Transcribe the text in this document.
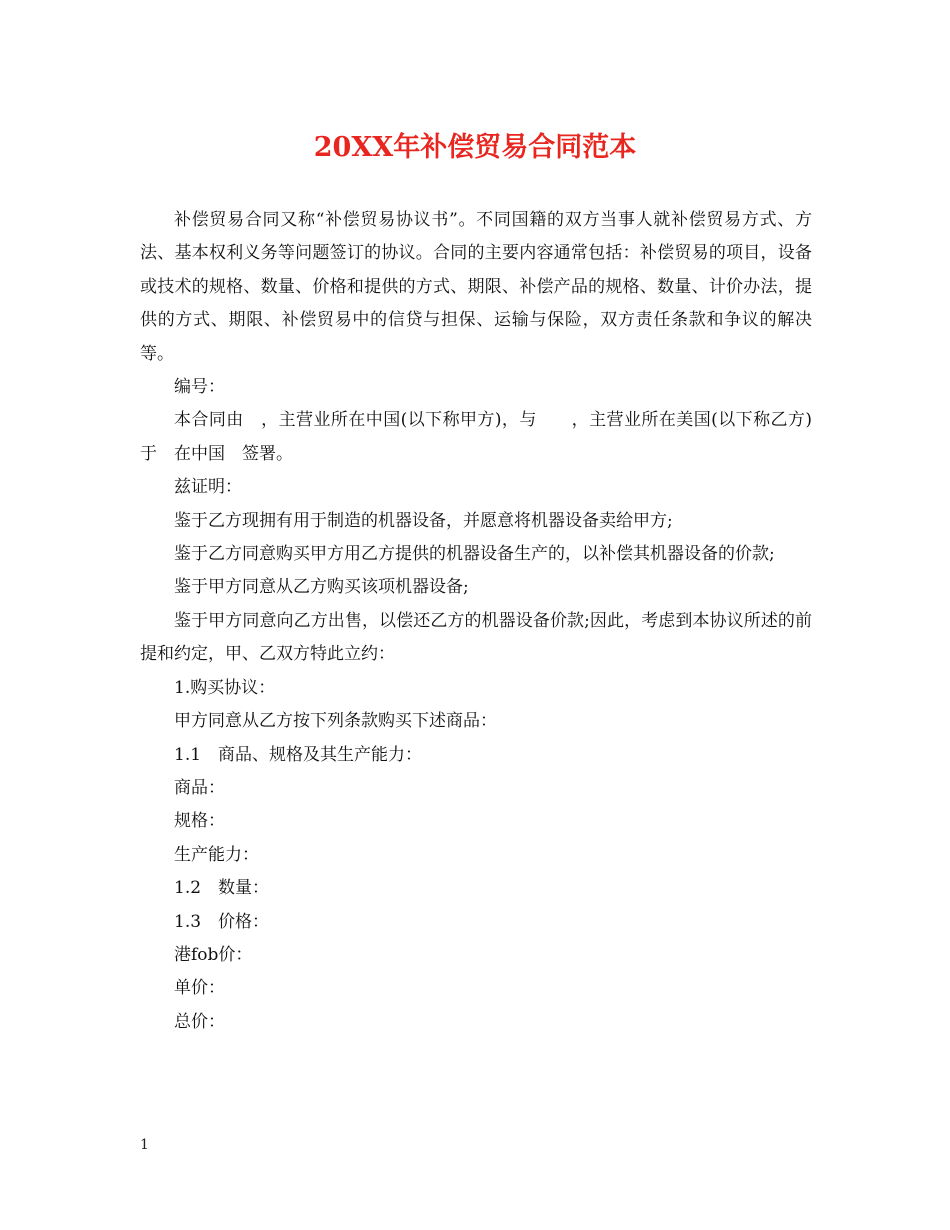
20XX年补偿贸易合同范本

补偿贸易合同又称“补偿贸易协议书”。不同国籍的双方当事人就补偿贸易方式、方法、基本权利义务等问题签订的协议。合同的主要内容通常包括：补偿贸易的项目，设备或技术的规格、数量、价格和提供的方式、期限、补偿产品的规格、数量、计价办法，提供的方式、期限、补偿贸易中的信贷与担保、运输与保险，双方责任条款和争议的解决等。

编号：

本合同由　，主营业所在中国(以下称甲方)，与　　，主营业所在美国(以下称乙方)于　在中国　签署。

兹证明：

鉴于乙方现拥有用于制造的机器设备，并愿意将机器设备卖给甲方;

鉴于乙方同意购买甲方用乙方提供的机器设备生产的，以补偿其机器设备的价款;

鉴于甲方同意从乙方购买该项机器设备;

鉴于甲方同意向乙方出售，以偿还乙方的机器设备价款;因此，考虑到本协议所述的前提和约定，甲、乙双方特此立约：

1.购买协议：

甲方同意从乙方按下列条款购买下述商品：

1.1　商品、规格及其生产能力：

商品：

规格：

生产能力：

1.2　数量：

1.3　价格：

港fob价：

单价：

总价：

1
